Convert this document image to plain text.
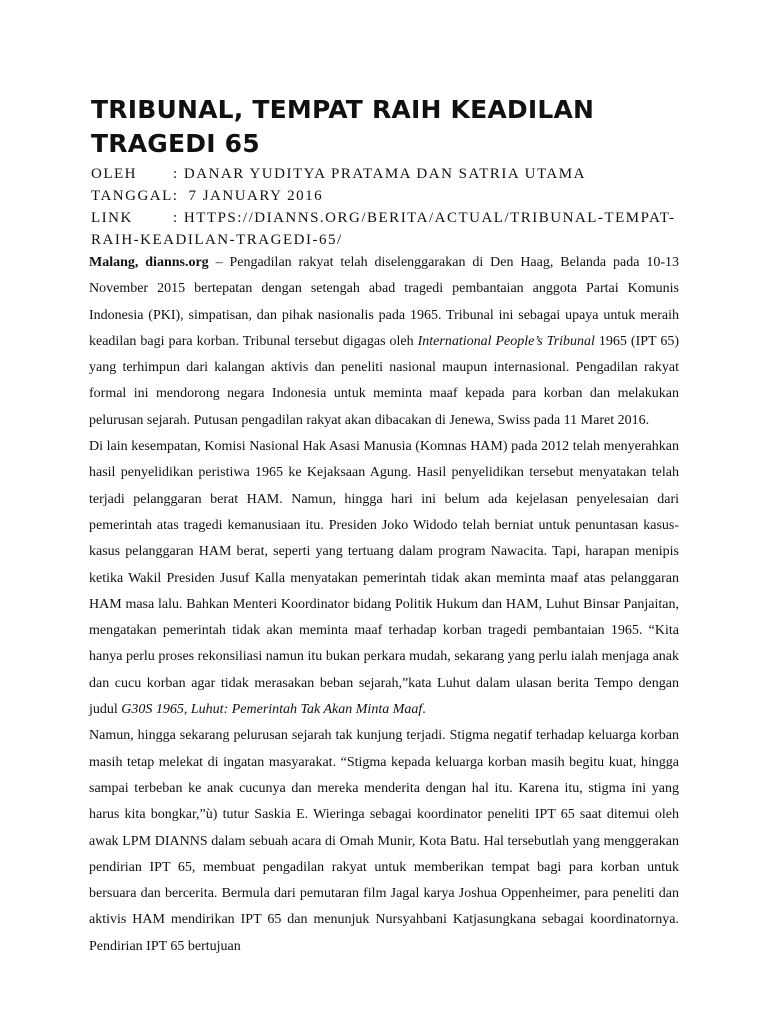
TRIBUNAL, TEMPAT RAIH KEADILAN TRAGEDI 65
OLEH	: DANAR YUDITYA PRATAMA DAN SATRIA UTAMA
TANGGAL: 7 JANUARY 2016
LINK	: HTTPS://DIANNS.ORG/BERITA/ACTUAL/TRIBUNAL-TEMPAT-
RAIH-KEADILAN-TRAGEDI-65/

Malang, dianns.org – Pengadilan rakyat telah diselenggarakan di Den Haag, Belanda pada 10-13 November 2015 bertepatan dengan setengah abad tragedi pembantaian anggota Partai Komunis Indonesia (PKI), simpatisan, dan pihak nasionalis pada 1965. Tribunal ini sebagai upaya untuk meraih keadilan bagi para korban. Tribunal tersebut digagas oleh International People’s Tribunal 1965 (IPT 65) yang terhimpun dari kalangan aktivis dan peneliti nasional maupun internasional. Pengadilan rakyat formal ini mendorong negara Indonesia untuk meminta maaf kepada para korban dan melakukan pelurusan sejarah. Putusan pengadilan rakyat akan dibacakan di Jenewa, Swiss pada 11 Maret 2016.

Di lain kesempatan, Komisi Nasional Hak Asasi Manusia (Komnas HAM) pada 2012 telah menyerahkan hasil penyelidikan peristiwa 1965 ke Kejaksaan Agung. Hasil penyelidikan tersebut menyatakan telah terjadi pelanggaran berat HAM. Namun, hingga hari ini belum ada kejelasan penyelesaian dari pemerintah atas tragedi kemanusiaan itu. Presiden Joko Widodo telah berniat untuk penuntasan kasus-kasus pelanggaran HAM berat, seperti yang tertuang dalam program Nawacita. Tapi, harapan menipis ketika Wakil Presiden Jusuf Kalla menyatakan pemerintah tidak akan meminta maaf atas pelanggaran HAM masa lalu. Bahkan Menteri Koordinator bidang Politik Hukum dan HAM, Luhut Binsar Panjaitan, mengatakan pemerintah tidak akan meminta maaf terhadap korban tragedi pembantaian 1965. “Kita hanya perlu proses rekonsiliasi namun itu bukan perkara mudah, sekarang yang perlu ialah menjaga anak dan cucu korban agar tidak merasakan beban sejarah,”kata Luhut dalam ulasan berita Tempo dengan judul G30S 1965, Luhut: Pemerintah Tak Akan Minta Maaf.

Namun, hingga sekarang pelurusan sejarah tak kunjung terjadi. Stigma negatif terhadap keluarga korban masih tetap melekat di ingatan masyarakat. “Stigma kepada keluarga korban masih begitu kuat, hingga sampai terbeban ke anak cucunya dan mereka menderita dengan hal itu. Karena itu, stigma ini yang harus kita bongkar,”ù) tutur Saskia E. Wieringa sebagai koordinator peneliti IPT 65 saat ditemui oleh awak LPM DIANNS dalam sebuah acara di Omah Munir, Kota Batu. Hal tersebutlah yang menggerakan pendirian IPT 65, membuat pengadilan rakyat untuk memberikan tempat bagi para korban untuk bersuara dan bercerita. Bermula dari pemutaran film Jagal karya Joshua Oppenheimer, para peneliti dan aktivis HAM mendirikan IPT 65 dan menunjuk Nursyahbani Katjasungkana sebagai koordinatornya. Pendirian IPT 65 bertujuan
